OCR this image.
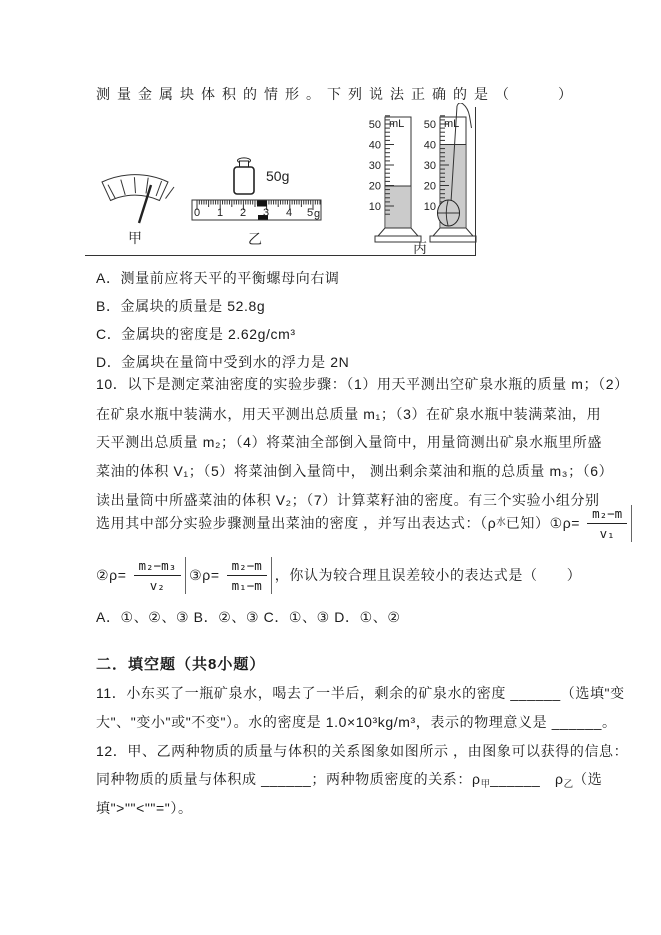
测量金属块体积的情形。下列说法正确的是（　　）
甲
50g
0 1 2 3 4 5 g
乙
50
40
30
20
10
mL 50
40
30
20
10
mL
丙
A．测量前应将天平的平衡螺母向右调
B．金属块的质量是 52.8g
C．金属块的密度是 2.62g/cm³
D．金属块在量筒中受到水的浮力是 2N
10．以下是测定菜油密度的实验步骤：（1）用天平测出空矿泉水瓶的质量 m；（2）
在矿泉水瓶中装满水，用天平测出总质量 m₁；（3）在矿泉水瓶中装满菜油，用
天平测出总质量 m₂；（4）将菜油全部倒入量筒中，用量筒测出矿泉水瓶里所盛
菜油的体积 V₁；（5）将菜油倒入量筒中， 测出剩余菜油和瓶的总质量 m₃；（6）
读出量筒中所盛菜油的体积 V₂；（7）计算菜籽油的密度。有三个实验小组分别
选用其中部分实验步骤测量出菜油的密度 ，并写出表达式：（ρ 水 已知）①ρ= $\frac{\text{m₂−m}}{\text{v₁}}$
②ρ= $\frac{\text{m₂−m₃}}{\text{v₂}}$ ③ρ= $\frac{\text{m₂−m}}{\text{m₁−m}}$ ，你认为较合理且误差较小的表达式是（　　）
A．①、②、③ B．②、③ C．①、③ D．①、②
二．填空题（共8小题）
11．小东买了一瓶矿泉水，喝去了一半后，剩余的矿泉水的密度 ______（选填"变
大"、"变小"或"不变"）。水的密度是 1.0×10³kg/m³，表示的物理意义是 ______。
12．甲、乙两种物质的质量与体积的关系图象如图所示 ，由图象可以获得的信息：
同种物质的质量与体积成 ______；两种物质密度的关系：$\rho_甲\_\_\_\_\_\_$　$\rho_乙$（选
填">""<""="）。
